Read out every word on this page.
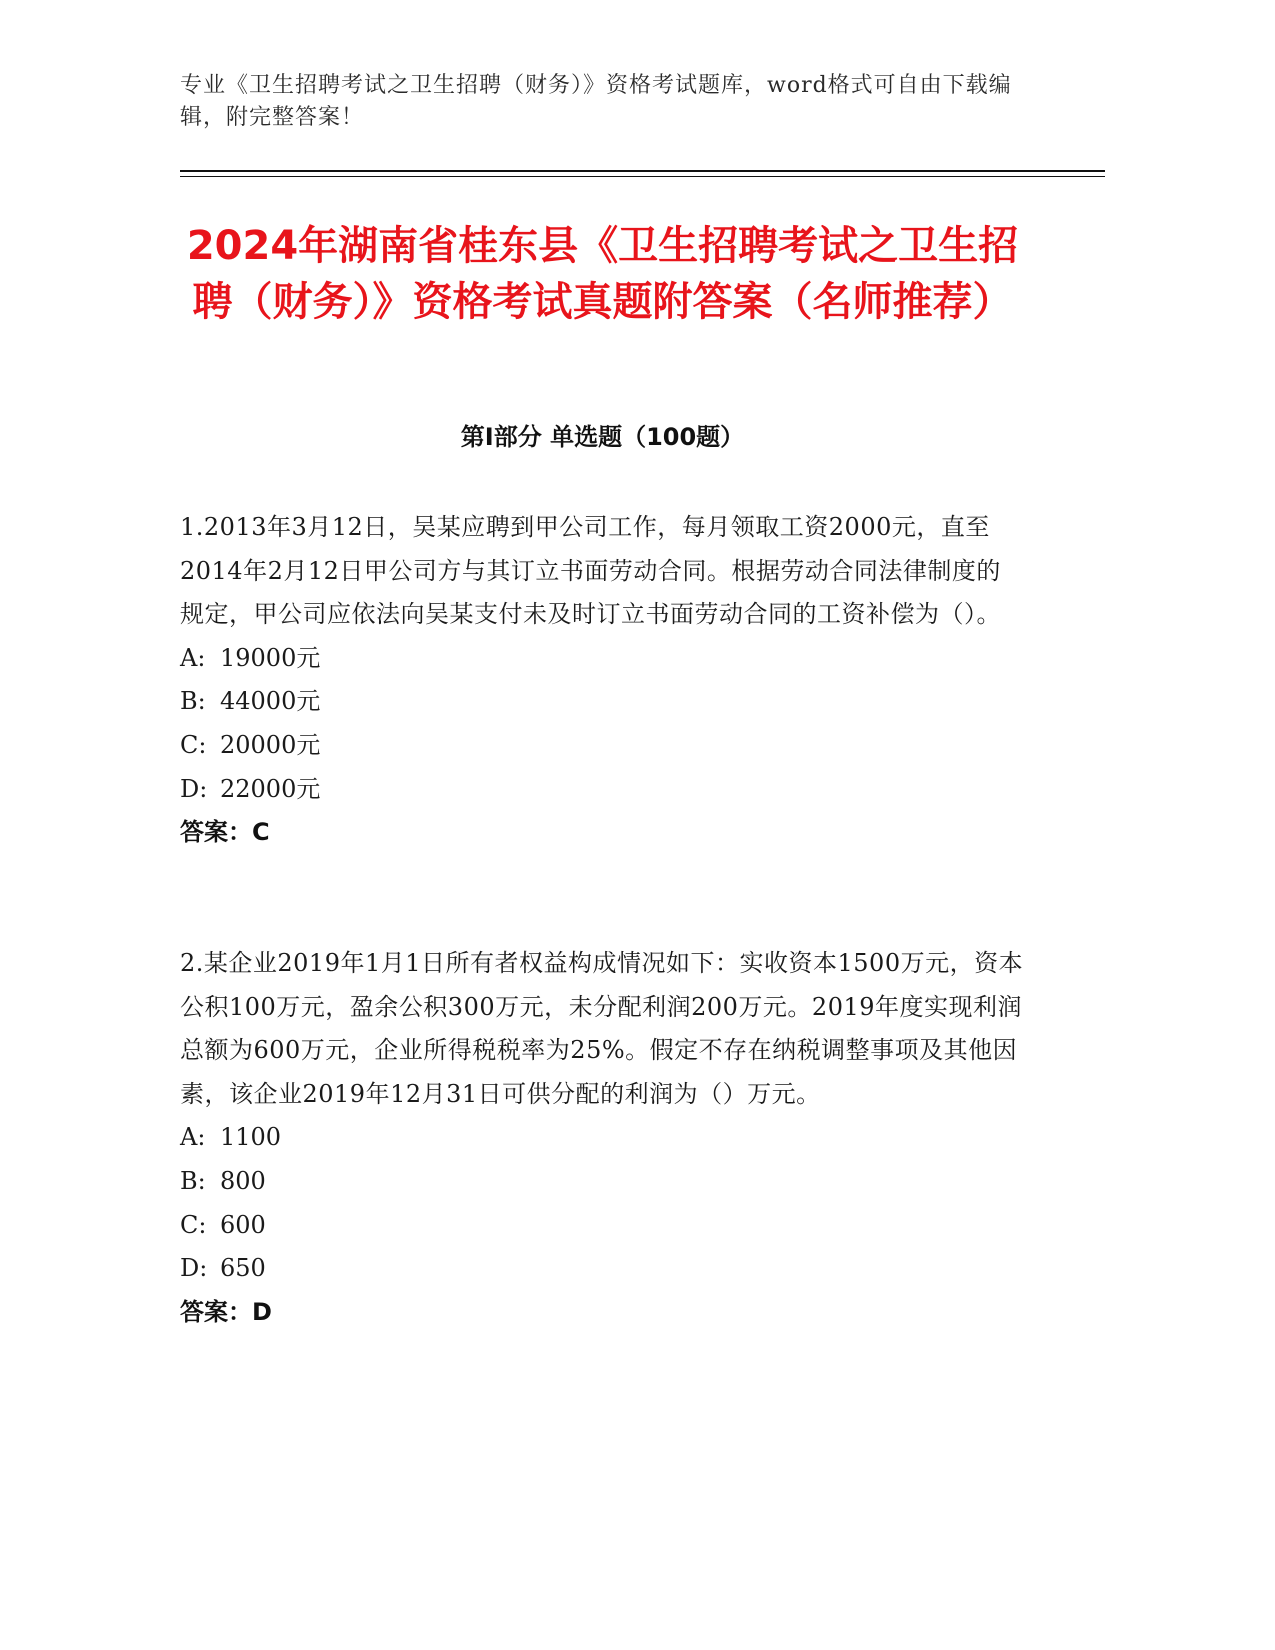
专业《卫生招聘考试之卫生招聘（财务）》资格考试题库，word格式可自由下载编辑，附完整答案！
2024年湖南省桂东县《卫生招聘考试之卫生招聘（财务）》资格考试真题附答案（名师推荐）
第I部分 单选题（100题）

1.2013年3月12日，吴某应聘到甲公司工作，每月领取工资2000元，直至2014年2月12日甲公司方与其订立书面劳动合同。根据劳动合同法律制度的规定，甲公司应依法向吴某支付未及时订立书面劳动合同的工资补偿为（）。

A: 19000元

B: 44000元

C: 20000元

D: 22000元

答案：C

2.某企业2019年1月1日所有者权益构成情况如下：实收资本1500万元，资本公积100万元，盈余公积300万元，未分配利润200万元。2019年度实现利润总额为600万元，企业所得税税率为25%。假定不存在纳税调整事项及其他因素，该企业2019年12月31日可供分配的利润为（）万元。

A: 1100

B: 800

C: 600

D: 650

答案：D
